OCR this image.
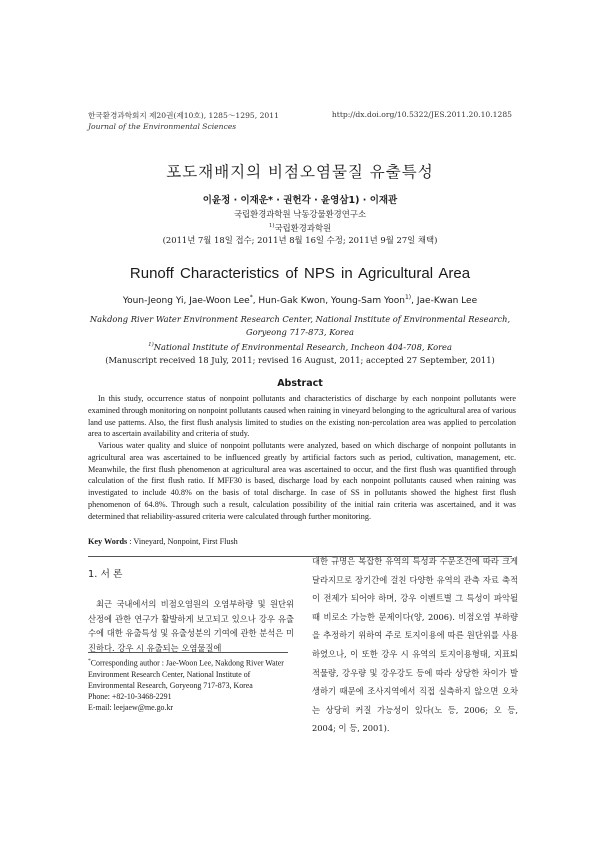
한국환경과학회지 제20권(제10호), 1285～1295, 2011
Journal of the Environmental Sciences
http://dx.doi.org/10.5322/JES.2011.20.10.1285
포도재배지의 비점오염물질 유출특성
이윤정 · 이재운* · 권헌각 · 윤영삼1) · 이재관
국립환경과학원 낙동강물환경연구소
$^{1)}$국립환경과학원
(2011년 7월 18일 접수; 2011년 8월 16일 수정; 2011년 9월 27일 채택)
Runoff Characteristics of NPS in Agricultural Area
Youn-Jeong Yi, Jae-Woon Lee*, Hun-Gak Kwon, Young-Sam Yoon$^{1)}$, Jae-Kwan Lee
Nakdong River Water Environment Research Center, National Institute of Environmental Research,
Goryeong 717-873, Korea
$^{1)}$National Institute of Environmental Research, Incheon 404-708, Korea
(Manuscript received 18 July, 2011; revised 16 August, 2011; accepted 27 September, 2011)
Abstract

In this study, occurrence status of nonpoint pollutants and characteristics of discharge by each nonpoint pollutants were examined through monitoring on nonpoint pollutants caused when raining in vineyard belonging to the agricultural area of various land use patterns. Also, the first flush analysis limited to studies on the existing non-percolation area was applied to percolation area to ascertain availability and criteria of study.

Various water quality and sluice of nonpoint pollutants were analyzed, based on which discharge of nonpoint pollutants in agricultural area was ascertained to be influenced greatly by artificial factors such as period, cultivation, management, etc. Meanwhile, the first flush phenomenon at agricultural area was ascertained to occur, and the first flush was quantified through calculation of the first flush ratio. If MFF30 is based, discharge load by each nonpoint pollutants caused when raining was investigated to include 40.8% on the basis of total discharge. In case of SS in pollutants showed the highest first flush phenomenon of 64.8%. Through such a result, calculation possibility of the initial rain criteria was ascertained, and it was determined that reliability-assured criteria were calculated through further monitoring.

Key Words : Vineyard, Nonpoint, First Flush
1. 서 론

최근 국내에서의 비점오염원의 오염부하량 및 원단위 산정에 관한 연구가 활발하게 보고되고 있으나 강우 유출수에 대한 유출특성 및 유출성분의 기여에 관한 분석은 미진하다. 강우 시 유출되는 오염물질에

*Corresponding author : Jae-Woon Lee, Nakdong River Water Environment Research Center, National Institute of Environmental Research, Goryeong 717-873, Korea
Phone: +82-10-3468-2291
E-mail: leejaew@me.go.kr

대한 규명은 복잡한 유역의 특성과 수문조건에 따라 크게 달라지므로 장기간에 걸친 다양한 유역의 관측 자료 축적이 전제가 되어야 하며, 강우 이벤트별 그 특성이 파악될 때 비로소 가능한 문제이다(양, 2006). 비점오염 부하량을 추정하기 위하여 주로 토지이용에 따른 원단위를 사용하였으나, 이 또한 강우 시 유역의 토지이용형태, 지표퇴적물량, 강우량 및 강우강도 등에 따라 상당한 차이가 발생하기 때문에 조사지역에서 직접 실측하지 않으면 오차는 상당히 커질 가능성이 있다(노 등, 2006; 오 등, 2004; 이 등, 2001).
